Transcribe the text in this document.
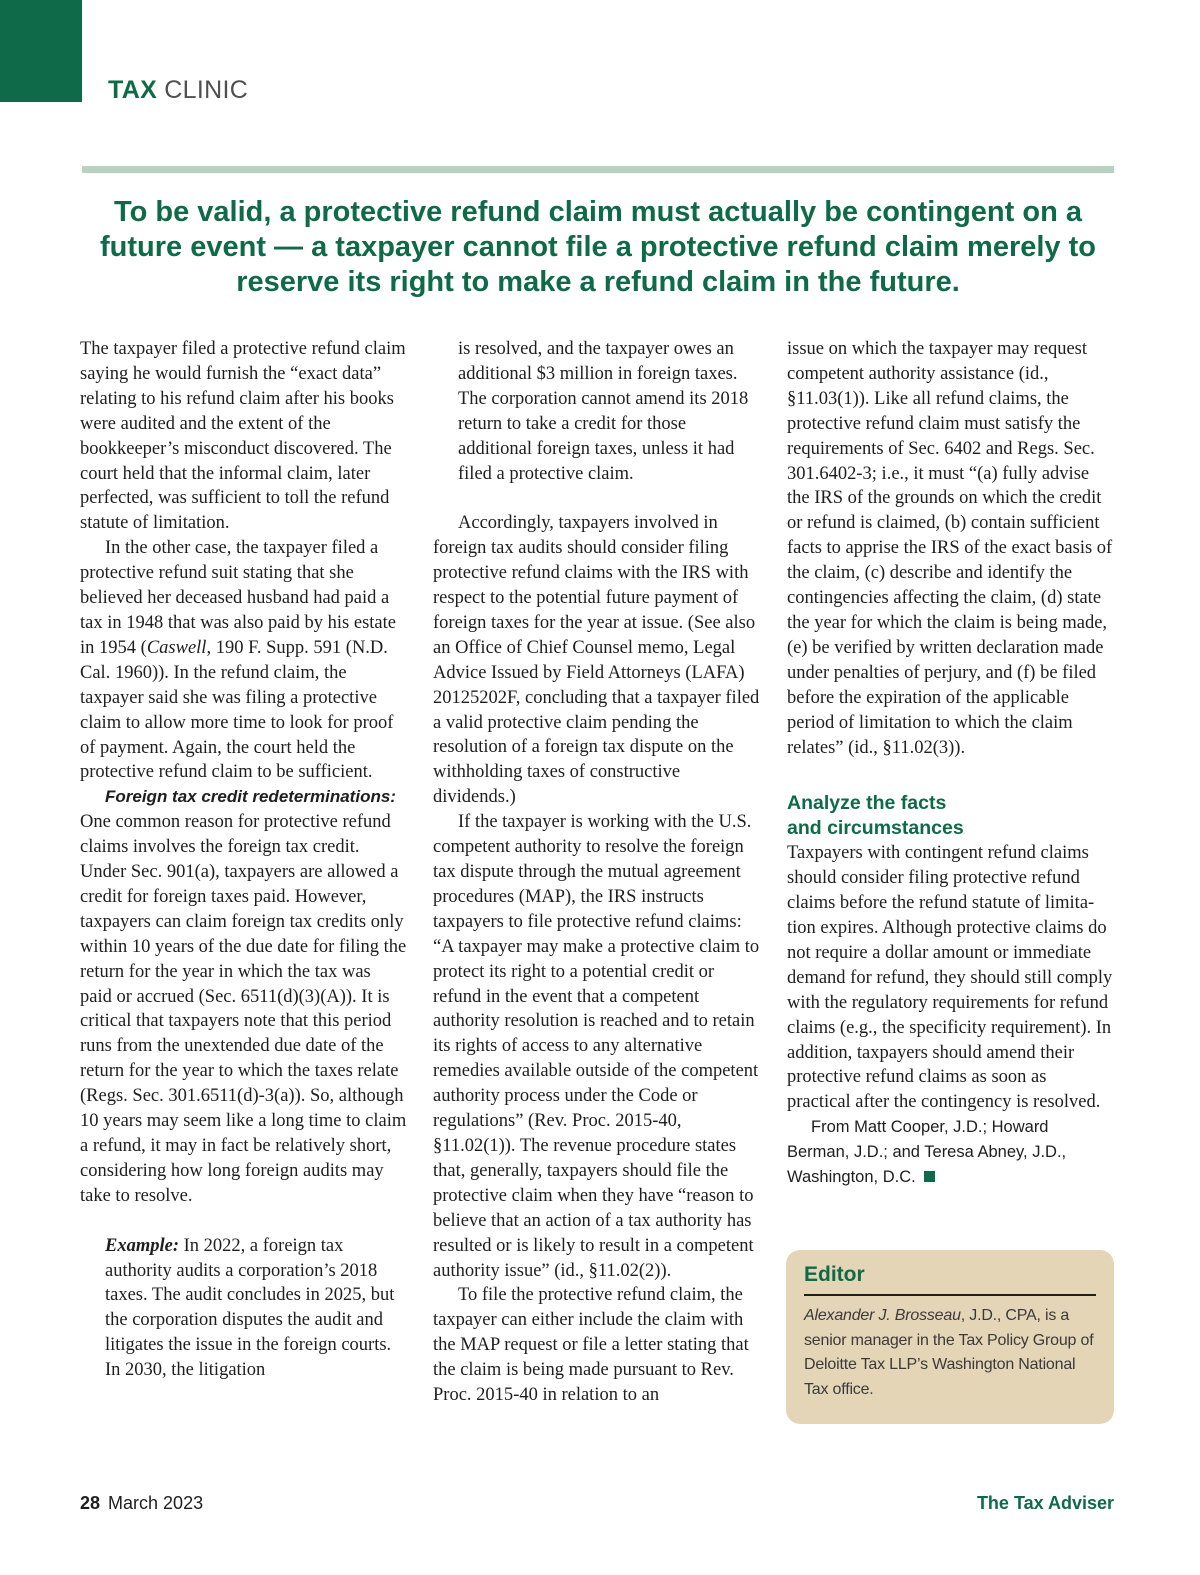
TAX CLINIC

To be valid, a protective refund claim must actually be contingent on a future event — a taxpayer cannot file a protective refund claim merely to reserve its right to make a refund claim in the future.

The taxpayer filed a protective refund claim saying he would furnish the “exact data” relating to his refund claim after his books were audited and the extent of the bookkeeper’s misconduct discovered. The court held that the informal claim, later perfected, was sufficient to toll the refund statute of limitation.

In the other case, the taxpayer filed a protective refund suit stating that she believed her deceased husband had paid a tax in 1948 that was also paid by his estate in 1954 (Caswell, 190 F. Supp. 591 (N.D. Cal. 1960)). In the refund claim, the taxpayer said she was filing a protective claim to allow more time to look for proof of payment. Again, the court held the protective refund claim to be sufficient.

Foreign tax credit redeterminations: One common reason for protective refund claims involves the foreign tax credit. Under Sec. 901(a), taxpayers are allowed a credit for foreign taxes paid. However, taxpayers can claim foreign tax credits only within 10 years of the due date for filing the return for the year in which the tax was paid or accrued (Sec. 6511(d)(3)(A)). It is critical that taxpayers note that this period runs from the unextended due date of the return for the year to which the taxes relate (Regs. Sec. 301.6511(d)-3(a)). So, although 10 years may seem like a long time to claim a refund, it may in fact be relatively short, considering how long foreign audits may take to resolve.

Example: In 2022, a foreign tax authority audits a corporation’s 2018 taxes. The audit concludes in 2025, but the corporation disputes the audit and litigates the issue in the foreign courts. In 2030, the litigation

is resolved, and the taxpayer owes an additional $3 million in foreign taxes. The corporation cannot amend its 2018 return to take a credit for those additional foreign taxes, unless it had filed a protective claim.

Accordingly, taxpayers involved in foreign tax audits should consider filing protective refund claims with the IRS with respect to the potential future payment of foreign taxes for the year at issue. (See also an Office of Chief Counsel memo, Legal Advice Issued by Field Attorneys (LAFA) 20125202F, concluding that a taxpayer filed a valid protective claim pending the resolution of a foreign tax dispute on the withholding taxes of constructive dividends.)

If the taxpayer is working with the U.S. competent authority to resolve the foreign tax dispute through the mutual agreement procedures (MAP), the IRS instructs taxpayers to file protective refund claims: “A taxpayer may make a protective claim to protect its right to a potential credit or refund in the event that a competent authority resolution is reached and to retain its rights of access to any alternative remedies available outside of the competent authority process under the Code or regulations” (Rev. Proc. 2015-40, §11.02(1)). The revenue procedure states that, generally, taxpayers should file the protective claim when they have “reason to believe that an action of a tax authority has resulted or is likely to result in a competent authority issue” (id., §11.02(2)).

To file the protective refund claim, the taxpayer can either include the claim with the MAP request or file a letter stating that the claim is being made pursuant to Rev. Proc. 2015-40 in relation to an

issue on which the taxpayer may request competent authority assistance (id., §11.03(1)). Like all refund claims, the protective refund claim must satisfy the requirements of Sec. 6402 and Regs. Sec. 301.6402-3; i.e., it must “(a) fully advise the IRS of the grounds on which the credit or refund is claimed, (b) contain sufficient facts to apprise the IRS of the exact basis of the claim, (c) describe and identify the contingencies affecting the claim, (d) state the year for which the claim is being made, (e) be verified by written declaration made under penalties of perjury, and (f) be filed before the expiration of the applicable period of limitation to which the claim relates” (id., §11.02(3)).

Analyze the facts
and circumstances

Taxpayers with contingent refund claims should consider filing protective refund claims before the refund statute of limitation expires. Although protective claims do not require a dollar amount or immediate demand for refund, they should still comply with the regulatory requirements for refund claims (e.g., the specificity requirement). In addition, taxpayers should amend their protective refund claims as soon as practical after the contingency is resolved.

From Matt Cooper, J.D.; Howard Berman, J.D.; and Teresa Abney, J.D., Washington, D.C.

Editor
Alexander J. Brosseau, J.D., CPA, is a senior manager in the Tax Policy Group of Deloitte Tax LLP’s Washington National Tax office.
28 March 2023	The Tax Adviser
